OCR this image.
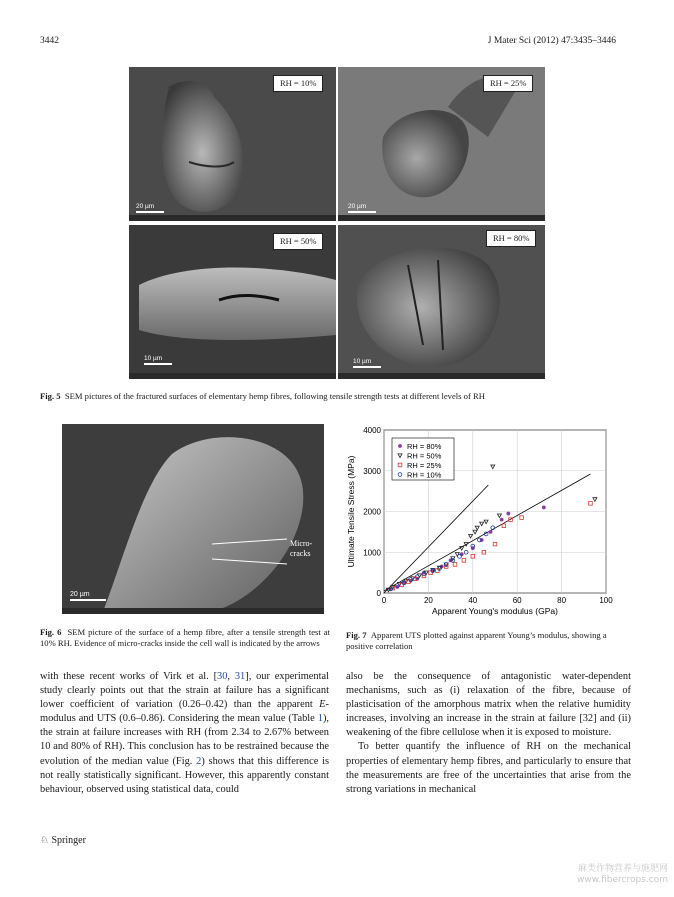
3442	J Mater Sci (2012) 47:3435–3446
RH = 10%
20 µm
RH = 25%
20 µm
RH = 50%
10 µm
RH = 80%
10 µm
Fig. 5 SEM pictures of the fractured surfaces of elementary hemp fibres, following tensile strength tests at different levels of RH
Micro-
cracks
20 µm
Fig. 6 SEM picture of the surface of a hemp fibre, after a tensile strength test at 10% RH. Evidence of micro-cracks inside the cell wall is indicated by the arrows
0	20	40	60	80	100
0
1000
2000
3000
4000
Apparent Young's modulus (GPa)
Ultimate Tensile Stress (MPa)
RH = 80%
RH = 50%
RH = 25%
RH = 10%
Fig. 7 Apparent UTS plotted against apparent Young’s modulus, showing a positive correlation

with these recent works of Virk et al. [30, 31], our experimental study clearly points out that the strain at failure has a significant lower coefficient of variation (0.26–0.42) than the apparent E-modulus and UTS (0.6–0.86). Considering the mean value (Table 1), the strain at failure increases with RH (from 2.34 to 2.67% between 10 and 80% of RH). This conclusion has to be restrained because the evolution of the median value (Fig. 2) shows that this difference is not really statistically significant. However, this apparently constant behaviour, observed using statistical data, could

also be the consequence of antagonistic water-dependent mechanisms, such as (i) relaxation of the fibre, because of plasticisation of the amorphous matrix when the relative humidity increases, involving an increase in the strain at failure [32] and (ii) weakening of the fibre cellulose when it is exposed to moisture.

To better quantify the influence of RH on the mechanical properties of elementary hemp fibres, and particularly to ensure that the measurements are free of the uncertainties that arise from the strong variations in mechanical

♘ Springer
麻类作物营养与施肥网
www.fibercrops.com
